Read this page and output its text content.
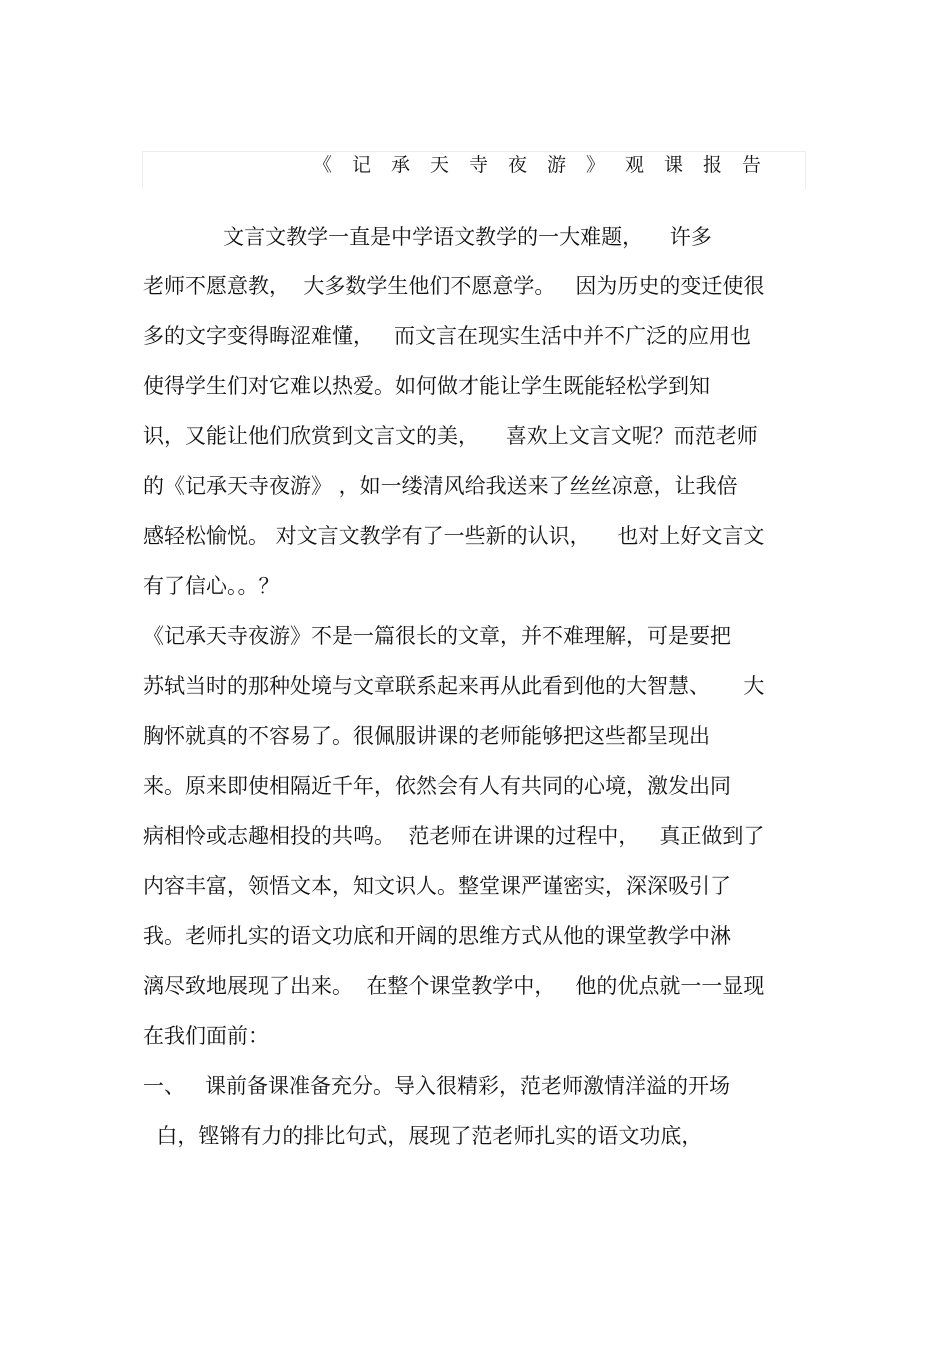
《记承天寺夜游》观课报告
文言文教学一直是中学语文教学的一大难题，    许多
老师不愿意教，  大多数学生他们不愿意学。   因为历史的变迁使很
多的文字变得晦涩难懂，   而文言在现实生活中并不广泛的应用也
使得学生们对它难以热爱。如何做才能让学生既能轻松学到知
识，又能让他们欣赏到文言文的美，    喜欢上文言文呢？而范老师
的《记承天寺夜游》 ，如一缕清风给我送来了丝丝凉意，让我倍
感轻松愉悦。 对文言文教学有了一些新的认识，    也对上好文言文
有了信心。。？
《记承天寺夜游》不是一篇很长的文章，并不难理解，可是要把
苏轼当时的那种处境与文章联系起来再从此看到他的大智慧、     大
胸怀就真的不容易了。很佩服讲课的老师能够把这些都呈现出
来。原来即使相隔近千年，依然会有人有共同的心境，激发出同
病相怜或志趣相投的共鸣。  范老师在讲课的过程中，   真正做到了
内容丰富，领悟文本，知文识人。整堂课严谨密实，深深吸引了
我。老师扎实的语文功底和开阔的思维方式从他的课堂教学中淋
漓尽致地展现了出来。  在整个课堂教学中，   他的优点就一一显现
在我们面前：
一、   课前备课准备充分。导入很精彩，范老师激情洋溢的开场
白，铿锵有力的排比句式，展现了范老师扎实的语文功底，
